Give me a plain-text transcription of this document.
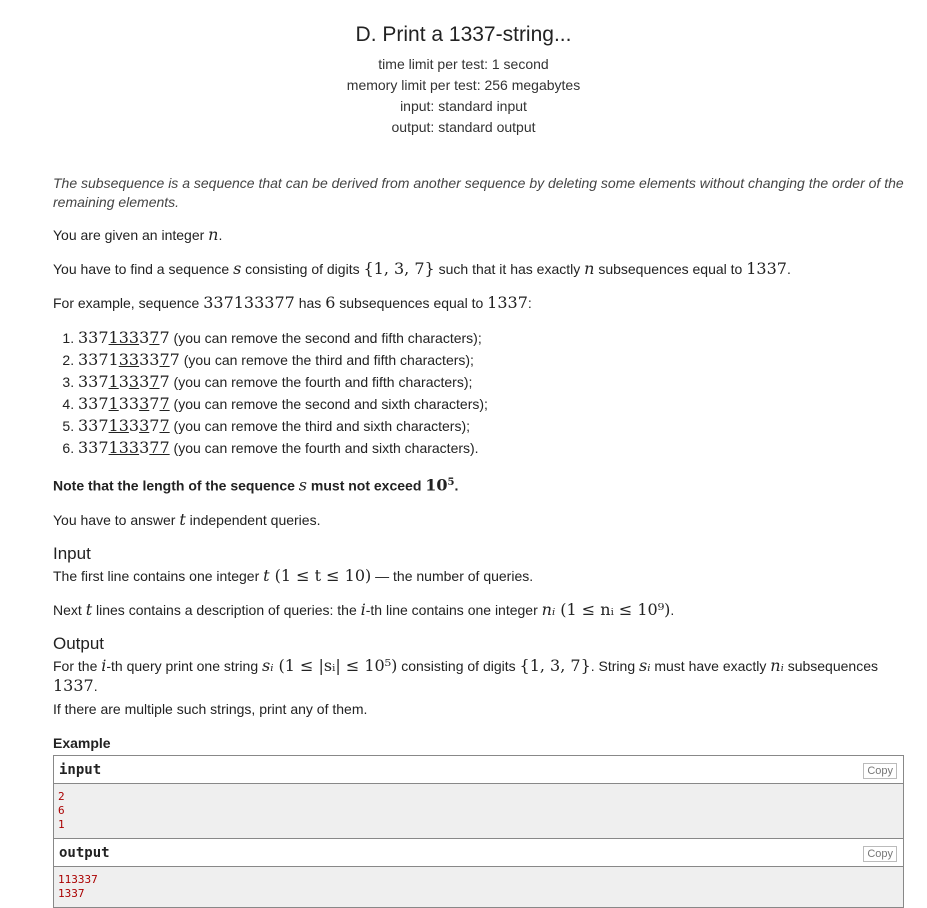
D. Print a 1337-string...
time limit per test: 1 second
memory limit per test: 256 megabytes
input: standard input
output: standard output
The subsequence is a sequence that can be derived from another sequence by deleting some elements without changing the order of the remaining elements.

You are given an integer n.

You have to find a sequence s consisting of digits {1, 3, 7} such that it has exactly n subsequences equal to 1337.

For example, sequence 337133377 has 6 subsequences equal to 1337:

1. 337133377 (you can remove the second and fifth characters);
2. 3371333377 (you can remove the third and fifth characters);
3. 337133377 (you can remove the fourth and fifth characters);
4. 337133377 (you can remove the second and sixth characters);
5. 337133377 (you can remove the third and sixth characters);
6. 337133377 (you can remove the fourth and sixth characters).

Note that the length of the sequence s must not exceed $10^5$.

You have to answer t independent queries.

Input

The first line contains one integer t (1 ≤ t ≤ 10) — the number of queries.

Next t lines contains a description of queries: the i-th line contains one integer nᵢ (1 ≤ nᵢ ≤ 10⁹).

Output

For the i-th query print one string sᵢ (1 ≤ |sᵢ| ≤ 10⁵) consisting of digits {1, 3, 7}. String sᵢ must have exactly nᵢ subsequences 1337.

If there are multiple such strings, print any of them.

Example
input	Copy
2
6
1
output	Copy
113337
1337
